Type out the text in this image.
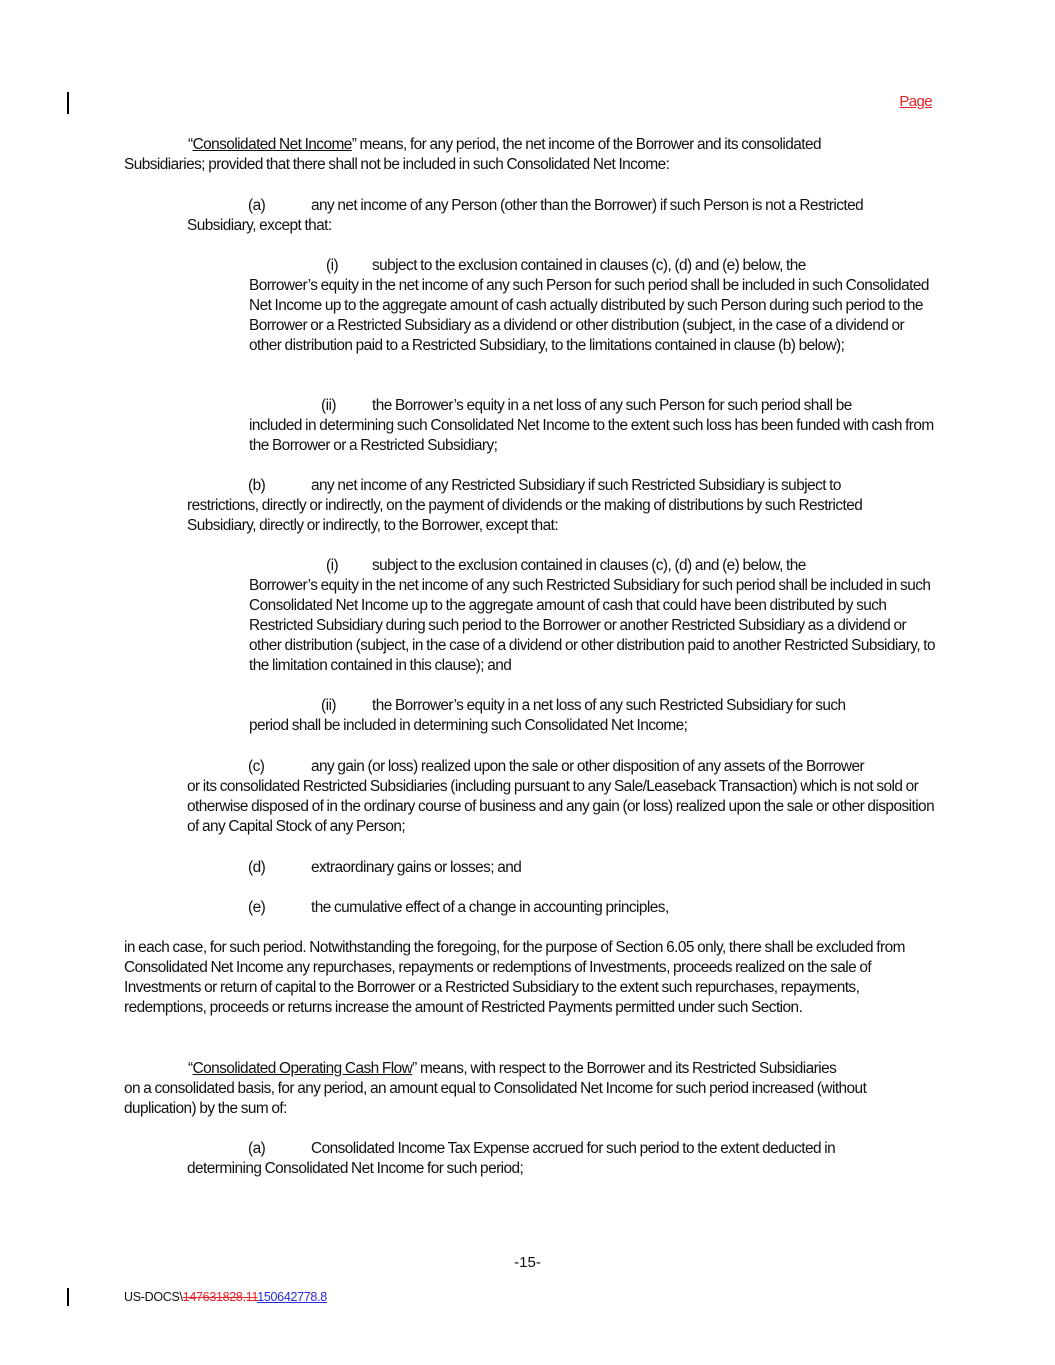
Page

“Consolidated Net Income” means, for any period, the net income of the Borrower and its consolidated
Subsidiaries; provided that there shall not be included in such Consolidated Net Income:

(a)	any net income of any Person (other than the Borrower) if such Person is not a Restricted
Subsidiary, except that:

(i) subject to the exclusion contained in clauses (c), (d) and (e) below, the
Borrower’s equity in the net income of any such Person for such period shall be included in such Consolidated Net Income up to the aggregate amount of cash actually distributed by such Person during such period to the Borrower or a Restricted Subsidiary as a dividend or other distribution (subject, in the case of a dividend or other distribution paid to a Restricted Subsidiary, to the limitations contained in clause (b) below);

(ii) the Borrower’s equity in a net loss of any such Person for such period shall be
included in determining such Consolidated Net Income to the extent such loss has been funded with cash from the Borrower or a Restricted Subsidiary;

(b)	any net income of any Restricted Subsidiary if such Restricted Subsidiary is subject to
restrictions, directly or indirectly, on the payment of dividends or the making of distributions by such Restricted Subsidiary, directly or indirectly, to the Borrower, except that:

(i) subject to the exclusion contained in clauses (c), (d) and (e) below, the
Borrower’s equity in the net income of any such Restricted Subsidiary for such period shall be included in such Consolidated Net Income up to the aggregate amount of cash that could have been distributed by such Restricted Subsidiary during such period to the Borrower or another Restricted Subsidiary as a dividend or other distribution (subject, in the case of a dividend or other distribution paid to another Restricted Subsidiary, to the limitation contained in this clause); and

(ii) the Borrower’s equity in a net loss of any such Restricted Subsidiary for such
period shall be included in determining such Consolidated Net Income;

(c)	any gain (or loss) realized upon the sale or other disposition of any assets of the Borrower
or its consolidated Restricted Subsidiaries (including pursuant to any Sale/Leaseback Transaction) which is not sold or otherwise disposed of in the ordinary course of business and any gain (or loss) realized upon the sale or other disposition of any Capital Stock of any Person;

(d)	extraordinary gains or losses; and

(e)	the cumulative effect of a change in accounting principles,

in each case, for such period. Notwithstanding the foregoing, for the purpose of Section 6.05 only, there shall be excluded from Consolidated Net Income any repurchases, repayments or redemptions of Investments, proceeds realized on the sale of Investments or return of capital to the Borrower or a Restricted Subsidiary to the extent such repurchases, repayments, redemptions, proceeds or returns increase the amount of Restricted Payments permitted under such Section.

“Consolidated Operating Cash Flow” means, with respect to the Borrower and its Restricted Subsidiaries
on a consolidated basis, for any period, an amount equal to Consolidated Net Income for such period increased (without duplication) by the sum of:

(a)	Consolidated Income Tax Expense accrued for such period to the extent deducted in
determining Consolidated Net Income for such period;

-15-
US-DOCS\147631828.11150642778.8
